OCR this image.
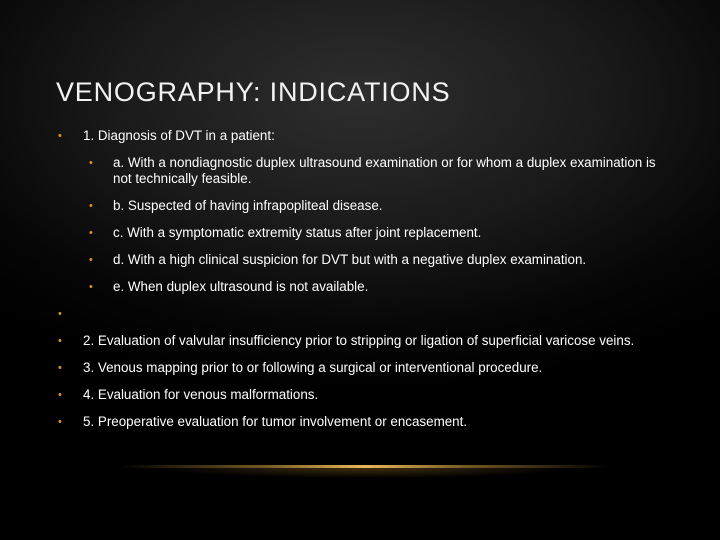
VENOGRAPHY: INDICATIONS
• 1. Diagnosis of DVT in a patient:
• a. With a nondiagnostic duplex ultrasound examination or for whom a duplex examination is not technically feasible.
• b. Suspected of having infrapopliteal disease.
• c. With a symptomatic extremity status after joint replacement.
• d. With a high clinical suspicion for DVT but with a negative duplex examination.
• e. When duplex ultrasound is not available.
•
• 2. Evaluation of valvular insufficiency prior to stripping or ligation of superficial varicose veins.
• 3. Venous mapping prior to or following a surgical or interventional procedure.
• 4. Evaluation for venous malformations.
• 5. Preoperative evaluation for tumor involvement or encasement.
